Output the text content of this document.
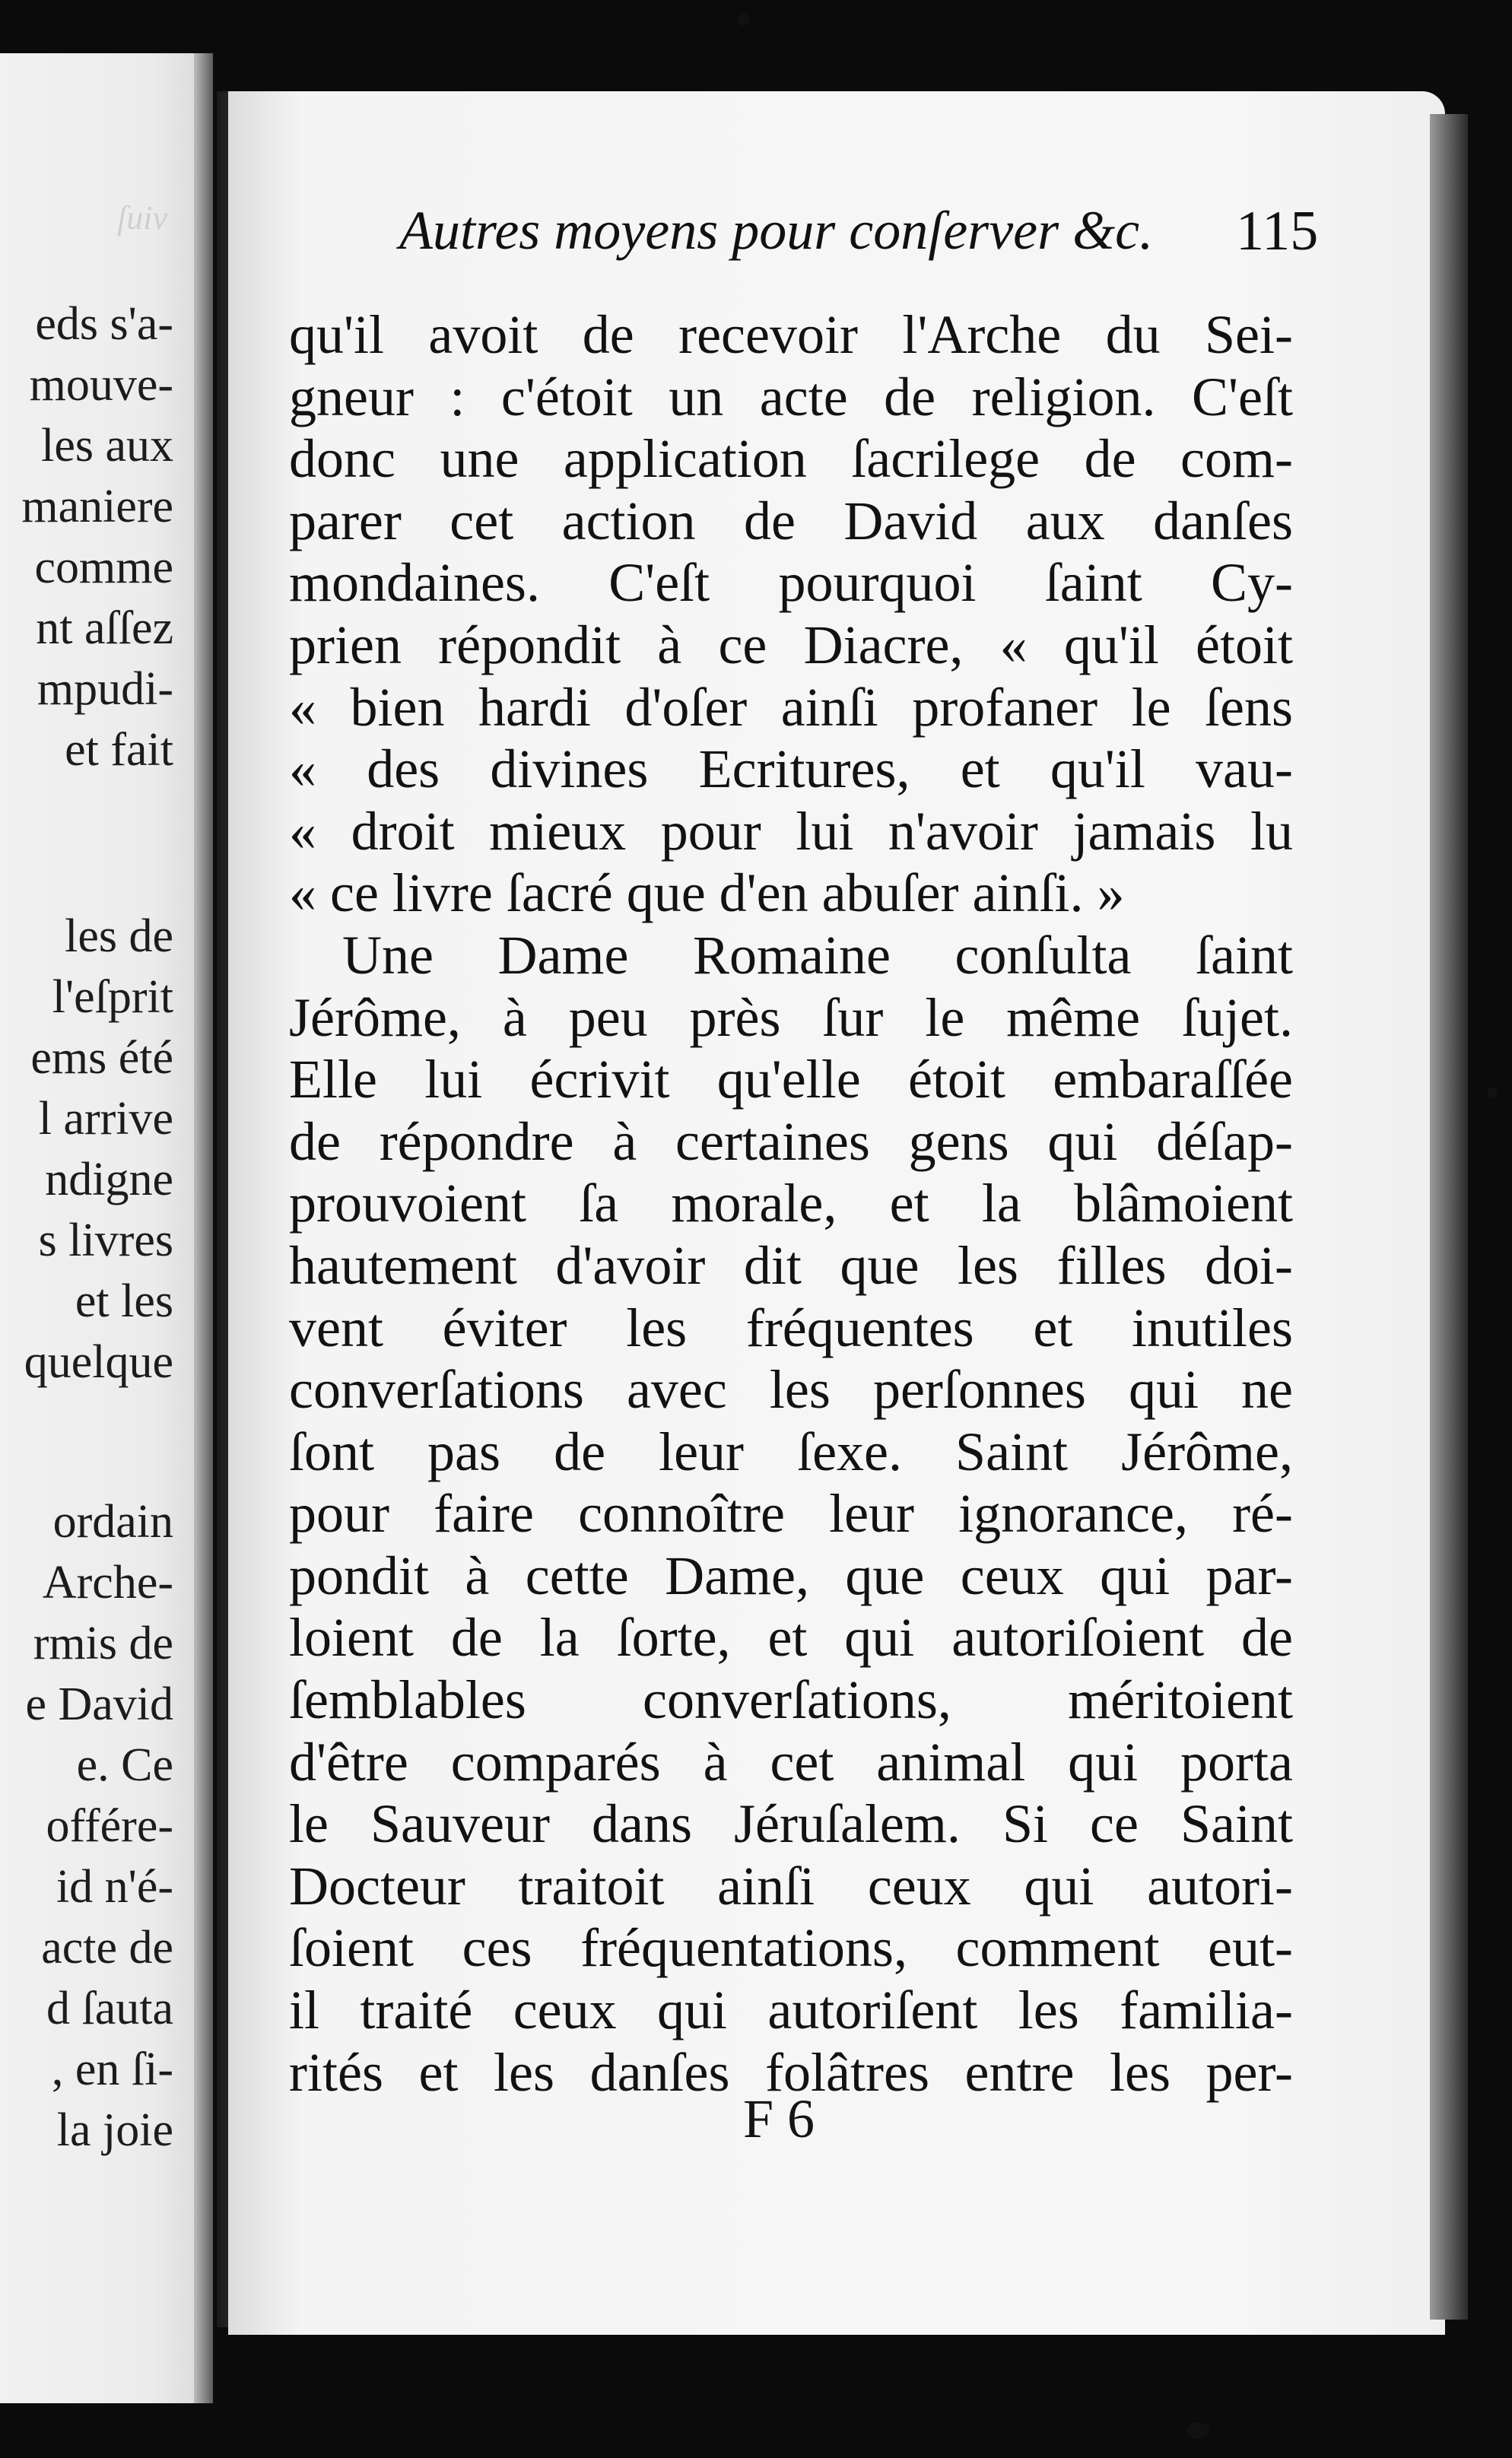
ſuiv
eds s'a-
mouve-
les aux
maniere
comme
nt aſſez
mpudi-
et fait
les de
l'eſprit
ems été
l arrive
ndigne
s livres
et les
quelque
ordain
Arche-
rmis de
e David
e. Ce
offére-
id n'é-
acte de
d ſauta
, en ſi-
la joie
Autres moyens pour conſerver &c. 115
qu'il avoit de recevoir l'Arche du Sei-
gneur : c'étoit un acte de religion. C'eſt
donc une application ſacrilege de com-
parer cet action de David aux danſes
mondaines. C'eſt pourquoi ſaint Cy-
prien répondit à ce Diacre, « qu'il étoit
« bien hardi d'oſer ainſi profaner le ſens
« des divines Ecritures, et qu'il vau-
« droit mieux pour lui n'avoir jamais lu
« ce livre ſacré que d'en abuſer ainſi. »
Une Dame Romaine conſulta ſaint
Jérôme, à peu près ſur le même ſujet.
Elle lui écrivit qu'elle étoit embaraſſée
de répondre à certaines gens qui déſap-
prouvoient ſa morale, et la blâmoient
hautement d'avoir dit que les filles doi-
vent éviter les fréquentes et inutiles
converſations avec les perſonnes qui ne
ſont pas de leur ſexe. Saint Jérôme,
pour faire connoître leur ignorance, ré-
pondit à cette Dame, que ceux qui par-
loient de la ſorte, et qui autoriſoient de
ſemblables converſations, méritoient
d'être comparés à cet animal qui porta
le Sauveur dans Jéruſalem. Si ce Saint
Docteur traitoit ainſi ceux qui autori-
ſoient ces fréquentations, comment eut-
il traité ceux qui autoriſent les familia-
rités et les danſes folâtres entre les per-
F 6
